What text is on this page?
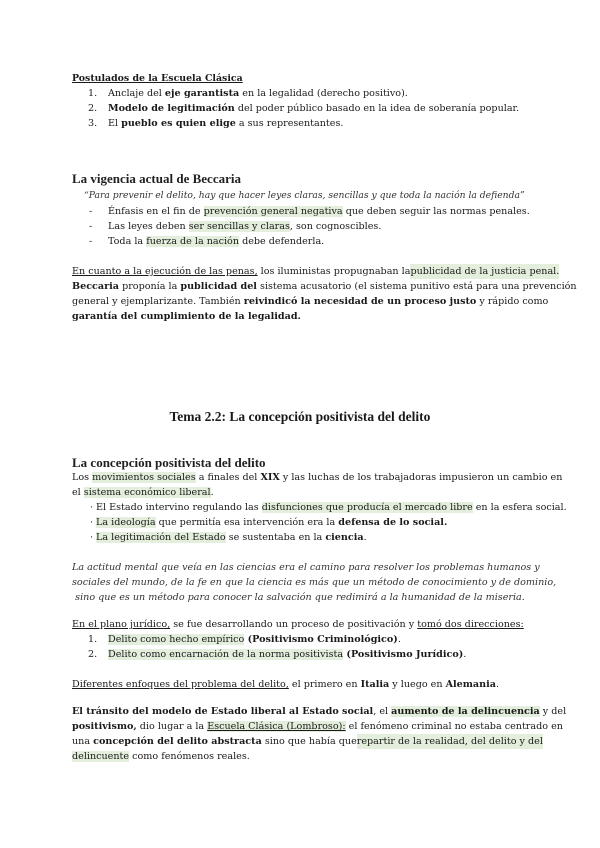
Postulados de la Escuela Clásica
1. Anclaje del eje garantista en la legalidad (derecho positivo).
2. Modelo de legitimación del poder público basado en la idea de soberanía popular.
3. El pueblo es quien elige a sus representantes.
La vigencia actual de Beccaria
“Para prevenir el delito, hay que hacer leyes claras, sencillas y que toda la nación la defienda”
- Énfasis en el fin de prevención general negativa que deben seguir las normas penales.
- Las leyes deben ser sencillas y claras, son cognoscibles.
- Toda la fuerza de la nación debe defenderla.
En cuanto a la ejecución de las penas, los iluministas propugnaban la publicidad de la justicia penal.
Beccaria proponía la publicidad del sistema acusatorio (el sistema punitivo está para una prevención
general y ejemplarizante. También reivindicó la necesidad de un proceso justo y rápido como
garantía del cumplimiento de la legalidad.
Tema 2.2: La concepción positivista del delito
La concepción positivista del delito
Los movimientos sociales a finales del XIX y las luchas de los trabajadoras impusieron un cambio en
el sistema económico liberal.
· El Estado intervino regulando las disfunciones que producía el mercado libre en la esfera social.
· La ideología que permitía esa intervención era la defensa de lo social.
· La legitimación del Estado se sustentaba en la ciencia.
La actitud mental que veía en las ciencias era el camino para resolver los problemas humanos y
sociales del mundo, de la fe en que la ciencia es más que un método de conocimiento y de dominio,
sino que es un método para conocer la salvación que redimirá a la humanidad de la miseria.
En el plano jurídico, se fue desarrollando un proceso de positivación y tomó dos direcciones:
1. Delito como hecho empírico (Positivismo Criminológico).
2. Delito como encarnación de la norma positivista (Positivismo Jurídico).
Diferentes enfoques del problema del delito, el primero en Italia y luego en Alemania.
El tránsito del modelo de Estado liberal al Estado social, el aumento de la delincuencia y del
positivismo, dio lugar a la Escuela Clásica (Lombroso): el fenómeno criminal no estaba centrado en
una concepción del delito abstracta sino que había que repartir de la realidad, del delito y del
delincuente como fenómenos reales.
